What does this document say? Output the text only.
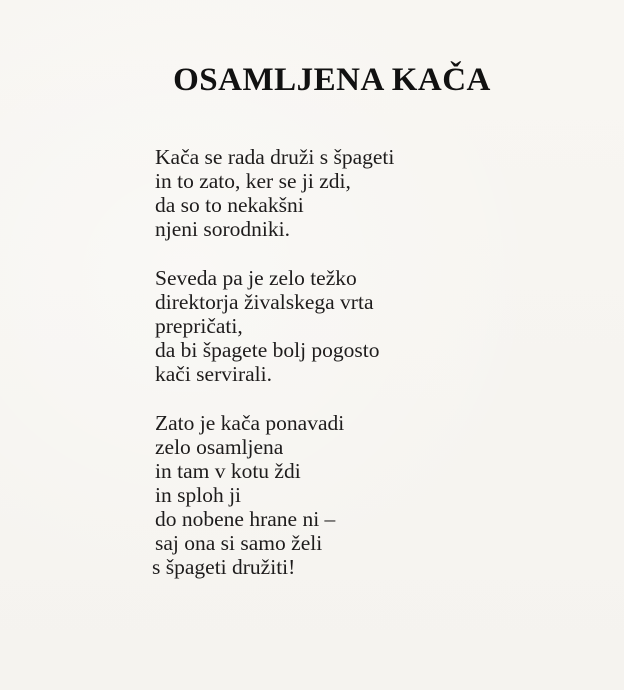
OSAMLJENA KAČA
Kača se rada druži s špageti
in to zato, ker se ji zdi,
da so to nekakšni
njeni sorodniki.
Seveda pa je zelo težko
direktorja živalskega vrta
prepričati,
da bi špagete bolj pogosto
kači servirali.
Zato je kača ponavadi
zelo osamljena
in tam v kotu ždi
in sploh ji
do nobene hrane ni –
saj ona si samo želi
s špageti družiti!
